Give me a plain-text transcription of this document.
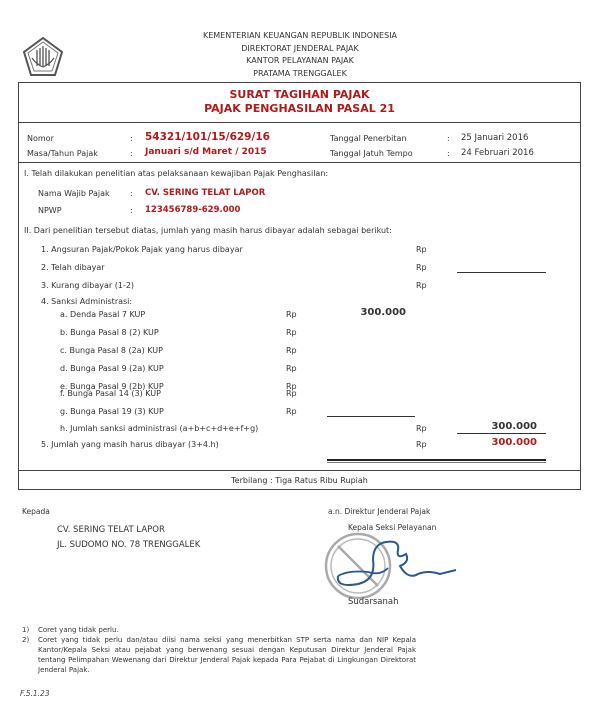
KEMENTERIAN KEUANGAN REPUBLIK INDONESIA
DIREKTORAT JENDERAL PAJAK
KANTOR PELAYANAN PAJAK
PRATAMA TRENGGALEK
SURAT TAGIHAN PAJAK
PAJAK PENGHASILAN PASAL 21
Nomor	: 54321/101/15/629/16
Masa/Tahun Pajak	: Januari s/d Maret / 2015
Tanggal Penerbitan	: 25 Januari 2016
Tanggal Jatuh Tempo	: 24 Februari 2016
I. Telah dilakukan penelitian atas pelaksanaan kewajiban Pajak Penghasilan:
Nama Wajib Pajak	: CV. SERING TELAT LAPOR
NPWP	: 123456789-629.000
II. Dari penelitian tersebut diatas, jumlah yang masih harus dibayar adalah sebagai berikut:
1. Angsuran Pajak/Pokok Pajak yang harus dibayar	Rp
2. Telah dibayar	Rp
3. Kurang dibayar (1-2)	Rp
4. Sanksi Administrasi:
a. Denda Pasal 7 KUP	Rp	300.000
b. Bunga Pasal 8 (2) KUP	Rp
c. Bunga Pasal 8 (2a) KUP	Rp
d. Bunga Pasal 9 (2a) KUP	Rp
e. Bunga Pasal 9 (2b) KUP	Rp
f. Bunga Pasal 14 (3) KUP	Rp
g. Bunga Pasal 19 (3) KUP	Rp
h. Jumlah sanksi administrasi (a+b+c+d+e+f+g)	Rp	300.000
5. Jumlah yang masih harus dibayar (3+4.h)	Rp	300.000
Terbilang : Tiga Ratus Ribu Rupiah
Kepada
CV. SERING TELAT LAPOR
JL. SUDOMO NO. 78 TRENGGALEK
a.n. Direktur Jenderal Pajak
Kepala Seksi Pelayanan
Sudarsanah
1) Coret yang tidak perlu.
2) Coret yang tidak perlu dan/atau diisi nama seksi yang menerbitkan STP serta nama dan NIP Kepala Kantor/Kepala Seksi atau pejabat yang berwenang sesuai dengan Keputusan Direktur Jenderal Pajak tentang Pelimpahan Wewenang dari Direktur Jenderal Pajak kepada Para Pejabat di Lingkungan Direktorat Jenderal Pajak.
F.5.1.23
